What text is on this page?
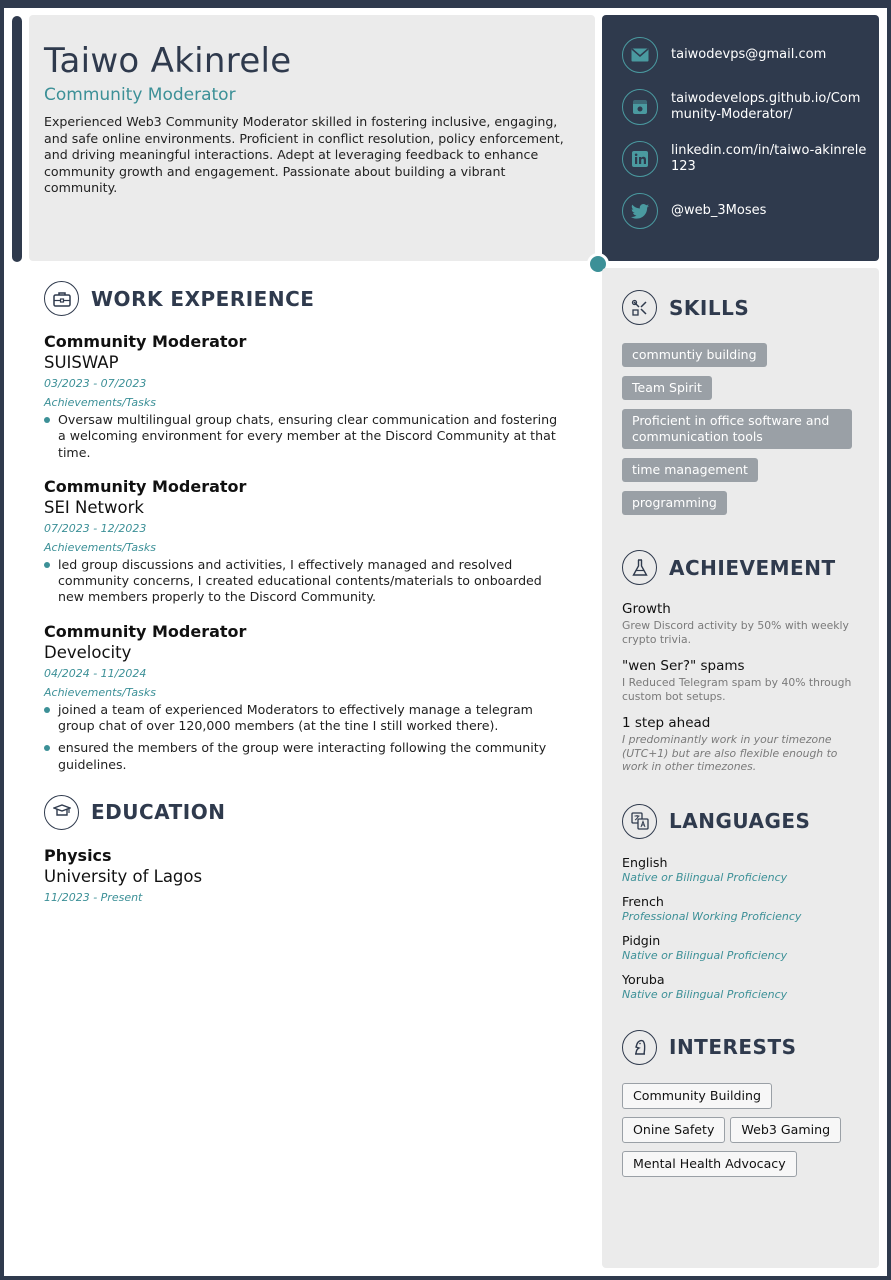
Taiwo Akinrele
Community Moderator

Experienced Web3 Community Moderator skilled in fostering inclusive, engaging, and safe online environments. Proficient in conflict resolution, policy enforcement, and driving meaningful interactions. Adept at leveraging feedback to enhance community growth and engagement. Passionate about building a vibrant community.

taiwodevps@gmail.com
taiwodevelops.github.io/Community-Moderator/
linkedin.com/in/taiwo-akinrele123
@web_3Moses
WORK EXPERIENCE
Community Moderator
SUISWAP
03/2023 - 07/2023
Achievements/Tasks
Oversaw multilingual group chats, ensuring clear communication and fostering a welcoming environment for every member at the Discord Community at that time.
Community Moderator
SEI Network
07/2023 - 12/2023
Achievements/Tasks
led group discussions and activities, I effectively managed and resolved community concerns, I created educational contents/materials to onboarded new members properly to the Discord Community.
Community Moderator
Develocity
04/2024 - 11/2024
Achievements/Tasks
joined a team of experienced Moderators to effectively manage a telegram group chat of over 120,000 members (at the tine I still worked there).
ensured the members of the group were interacting following the community guidelines.
EDUCATION
Physics
University of Lagos
11/2023 - Present
SKILLS
communtiy building
Team Spirit
Proficient in office software and communication tools
time management
programming
ACHIEVEMENT
Growth
Grew Discord activity by 50% with weekly crypto trivia.
"wen Ser?" spams
I Reduced Telegram spam by 40% through custom bot setups.
1 step ahead
I predominantly work in your timezone (UTC+1) but are also flexible enough to work in other timezones.
LANGUAGES
English
Native or Bilingual Proficiency
French
Professional Working Proficiency
Pidgin
Native or Bilingual Proficiency
Yoruba
Native or Bilingual Proficiency
INTERESTS
Community Building
Onine Safety Web3 Gaming
Mental Health Advocacy
